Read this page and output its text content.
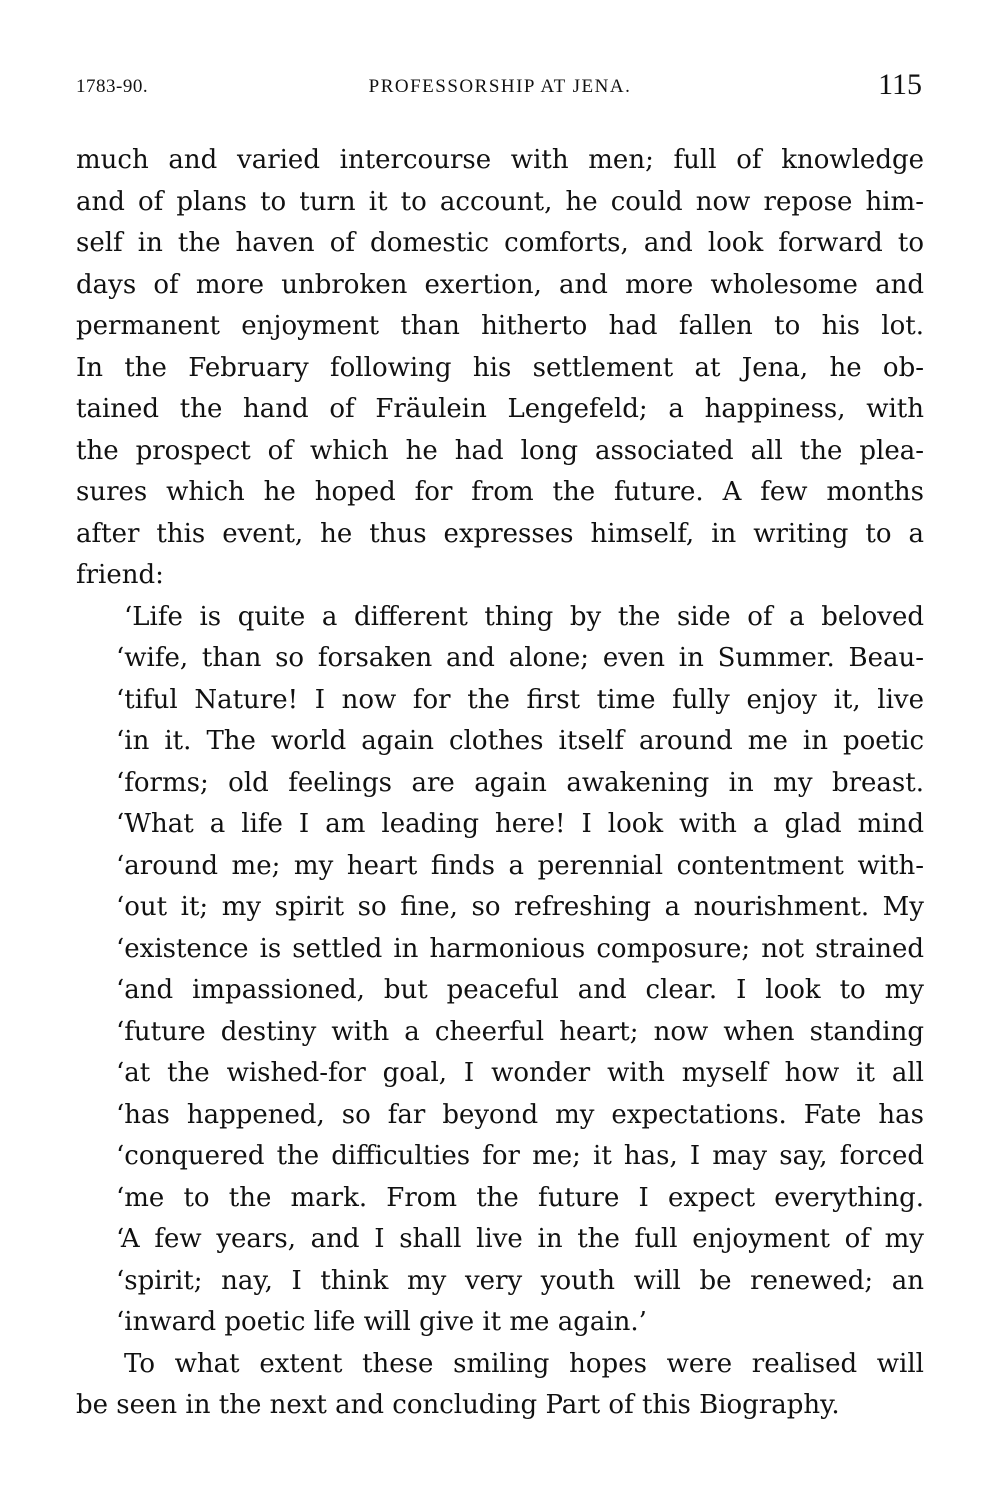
1783-90.	PROFESSORSHIP AT JENA.	115
much and varied intercourse with men; full of knowledge
and of plans to turn it to account, he could now repose him-
self in the haven of domestic comforts, and look forward to
days of more unbroken exertion, and more wholesome and
permanent enjoyment than hitherto had fallen to his lot.
In the February following his settlement at Jena, he ob-
tained the hand of Fräulein Lengefeld; a happiness, with
the prospect of which he had long associated all the plea-
sures which he hoped for from the future. A few months
after this event, he thus expresses himself, in writing to a
friend:
‘Life is quite a different thing by the side of a beloved
‘wife, than so forsaken and alone; even in Summer. Beau-
‘tiful Nature! I now for the first time fully enjoy it, live
‘in it. The world again clothes itself around me in poetic
‘forms; old feelings are again awakening in my breast.
‘What a life I am leading here! I look with a glad mind
‘around me; my heart finds a perennial contentment with-
‘out it; my spirit so fine, so refreshing a nourishment. My
‘existence is settled in harmonious composure; not strained
‘and impassioned, but peaceful and clear. I look to my
‘future destiny with a cheerful heart; now when standing
‘at the wished-for goal, I wonder with myself how it all
‘has happened, so far beyond my expectations. Fate has
‘conquered the difficulties for me; it has, I may say, forced
‘me to the mark. From the future I expect everything.
‘A few years, and I shall live in the full enjoyment of my
‘spirit; nay, I think my very youth will be renewed; an
‘inward poetic life will give it me again.’
To what extent these smiling hopes were realised will
be seen in the next and concluding Part of this Biography.
